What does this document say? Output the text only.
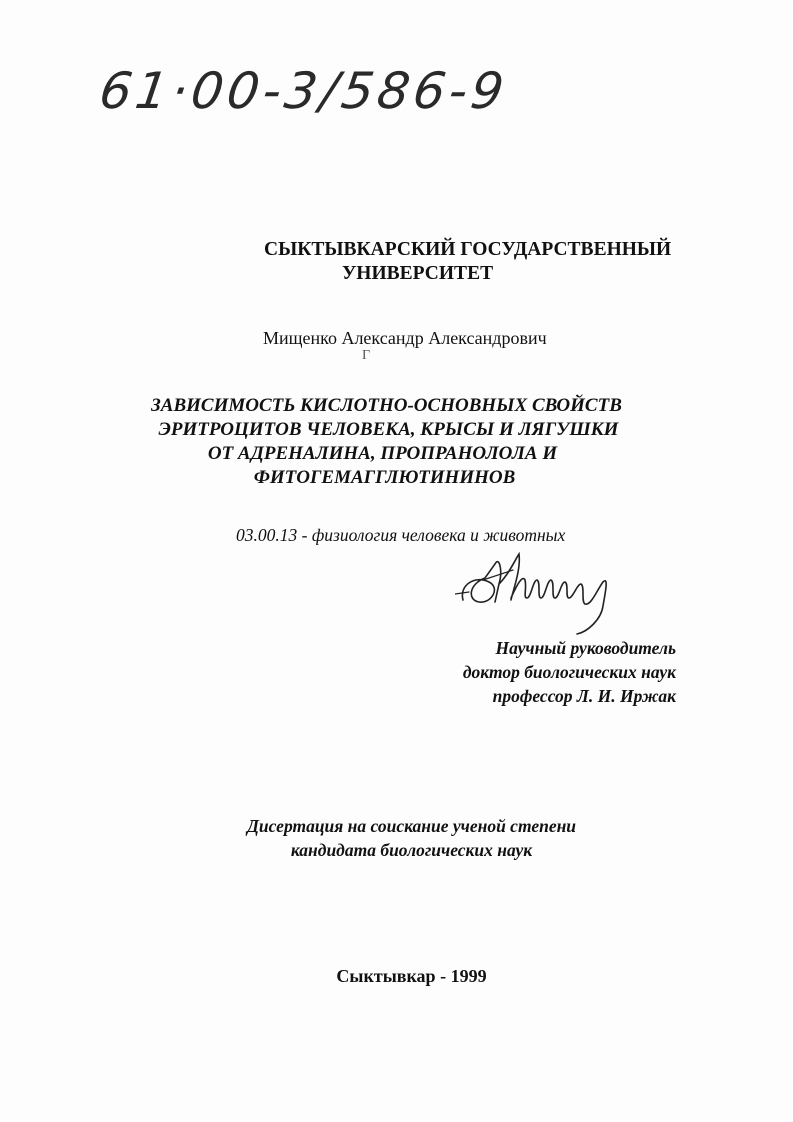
61·00-3/586-9
СЫКТЫВКАРСКИЙ ГОСУДАРСТВЕННЫЙ
УНИВЕРСИТЕТ
Мищенко Александр Александрович
Г
ЗАВИСИМОСТЬ КИСЛОТНО-ОСНОВНЫХ СВОЙСТВ
ЭРИТРОЦИТОВ ЧЕЛОВЕКА, КРЫСЫ И ЛЯГУШКИ
ОТ АДРЕНАЛИНА, ПРОПРАНОЛОЛА И
ФИТОГЕМАГГЛЮТИНИНОВ
03.00.13 - физиология человека и животных
Научный руководитель
доктор биологических наук
профессор Л. И. Иржак
Дисертация на соискание ученой степени
кандидата биологических наук
Сыктывкар - 1999
